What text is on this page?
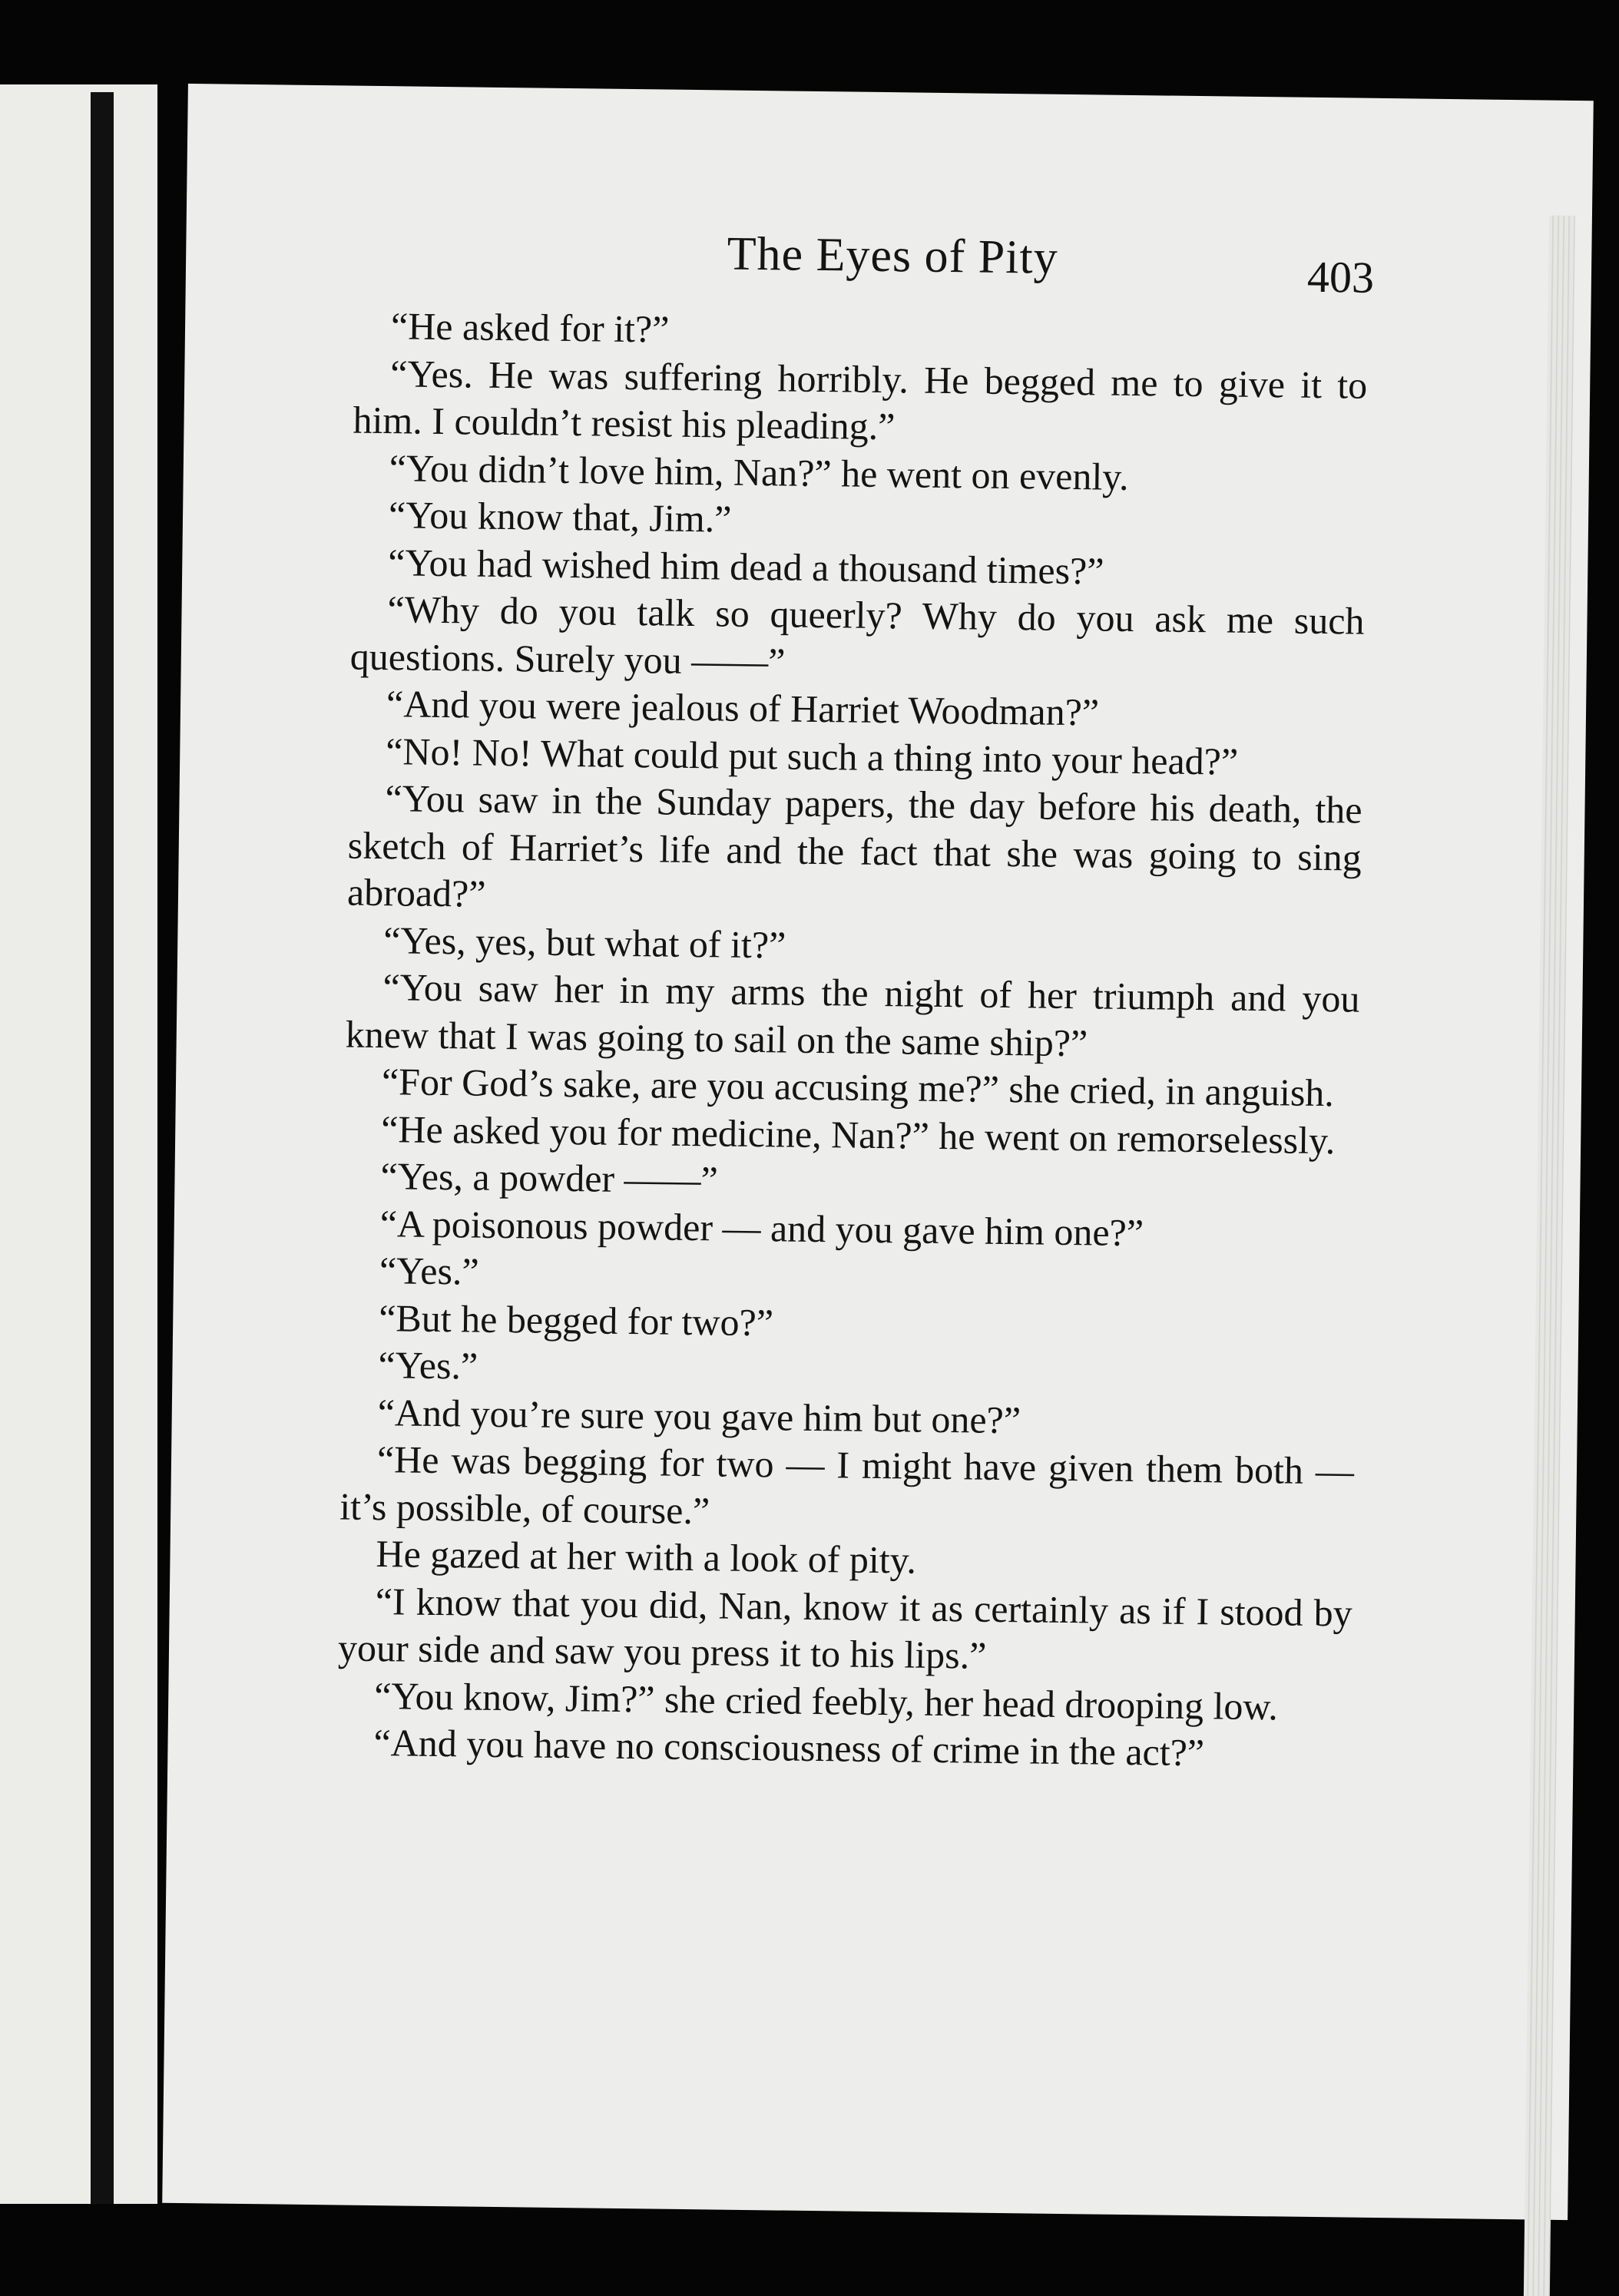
The Eyes of Pity	403

“He asked for it?”

“Yes. He was suffering horribly. He begged me to give it to him. I couldn’t resist his pleading.”

“You didn’t love him, Nan?” he went on evenly.

“You know that, Jim.”

“You had wished him dead a thousand times?”

“Why do you talk so queerly? Why do you ask me such questions. Surely you ——”

“And you were jealous of Harriet Woodman?”

“No! No! What could put such a thing into your head?”

“You saw in the Sunday papers, the day before his death, the sketch of Harriet’s life and the fact that she was going to sing abroad?”

“Yes, yes, but what of it?”

“You saw her in my arms the night of her triumph and you knew that I was going to sail on the same ship?”

“For God’s sake, are you accusing me?” she cried, in anguish.

“He asked you for medicine, Nan?” he went on remorselessly.

“Yes, a powder ——”

“A poisonous powder — and you gave him one?”

“Yes.”

“But he begged for two?”

“Yes.”

“And you’re sure you gave him but one?”

“He was begging for two — I might have given them both — it’s possible, of course.”

He gazed at her with a look of pity.

“I know that you did, Nan, know it as certainly as if I stood by your side and saw you press it to his lips.”

“You know, Jim?” she cried feebly, her head drooping low.

“And you have no consciousness of crime in the act?”
